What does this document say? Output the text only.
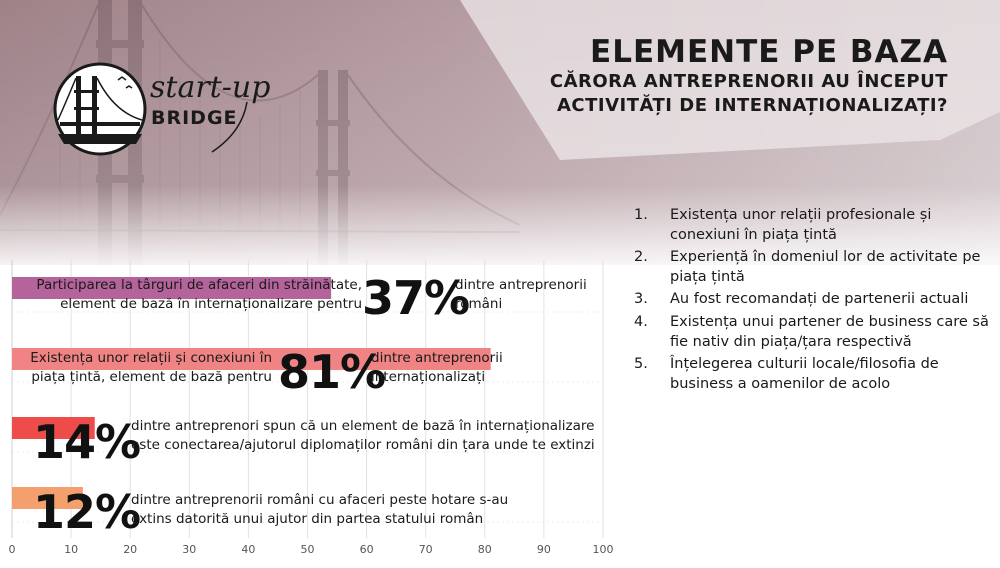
start-up
BRIDGE
ELEMENTE PE BAZA
CĂRORA ANTREPRENORII AU ÎNCEPUT
ACTIVITĂȚI DE INTERNAȚIONALIZAȚI?
1. Existența unor relații profesionale și conexiuni în piața țintă
2. Experiență în domeniul lor de activitate pe piața țintă
3. Au fost recomandați de partenerii actuali
4. Existența unui partener de business care să fie nativ din piața/țara respectivă
5. Înțelegerea culturii locale/filosofia de business a oamenilor de acolo
0	10	20	30	40	50	60	70	80	90	100
Participarea la târguri de afaceri din străinătate,
element de bază în internaționalizare pentru 37%
dintre antreprenorii
români
Existența unor relații și conexiuni în
piața țintă, element de bază pentru 81%
dintre antreprenorii
internaționalizați
14%
dintre antreprenori spun că un element de bază în internaționalizare
este conectarea/ajutorul diplomaților români din țara unde te extinzi
12%
dintre antreprenorii români cu afaceri peste hotare s-au
extins datorită unui ajutor din partea statului român
